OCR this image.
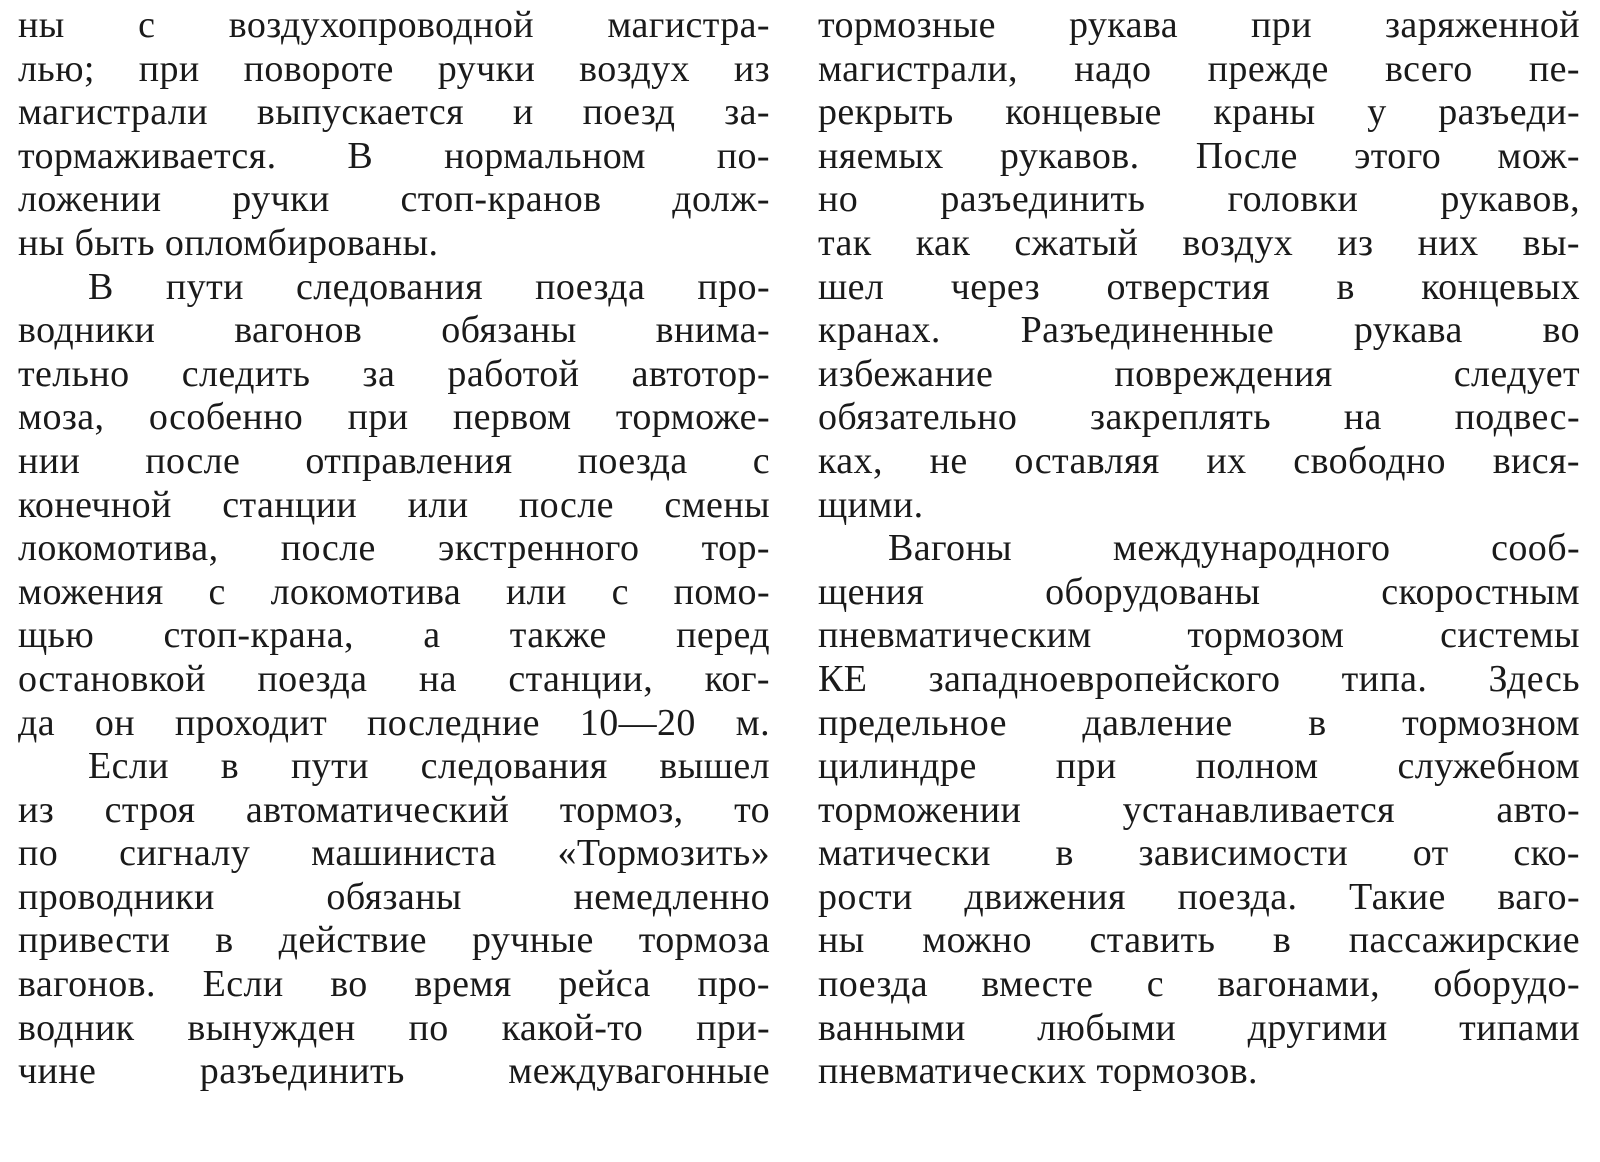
ны с воздухопроводной магистра-
лью; при повороте ручки воздух из
магистрали выпускается и поезд за-
тормаживается. В нормальном по-
ложении ручки стоп-кранов долж-
ны быть опломбированы.
В пути следования поезда про-
водники вагонов обязаны внима-
тельно следить за работой автотор-
моза, особенно при первом торможе-
нии после отправления поезда с
конечной станции или после смены
локомотива, после экстренного тор-
можения с локомотива или с помо-
щью стоп-крана, а также перед
остановкой поезда на станции, ког-
да он проходит последние 10—20 м.
Если в пути следования вышел
из строя автоматический тормоз, то
по сигналу машиниста «Тормозить»
проводники обязаны немедленно
привести в действие ручные тормоза
вагонов. Если во время рейса про-
водник вынужден по какой-то при-
чине разъединить междувагонные
тормозные рукава при заряженной
магистрали, надо прежде всего пе-
рекрыть концевые краны у разъеди-
няемых рукавов. После этого мож-
но разъединить головки рукавов,
так как сжатый воздух из них вы-
шел через отверстия в концевых
кранах. Разъединенные рукава во
избежание повреждения следует
обязательно закреплять на подвес-
ках, не оставляя их свободно вися-
щими.
Вагоны международного сооб-
щения оборудованы скоростным
пневматическим тормозом системы
КЕ западноевропейского типа. Здесь
предельное давление в тормозном
цилиндре при полном служебном
торможении устанавливается авто-
матически в зависимости от ско-
рости движения поезда. Такие ваго-
ны можно ставить в пассажирские
поезда вместе с вагонами, оборудо-
ванными любыми другими типами
пневматических тормозов.
